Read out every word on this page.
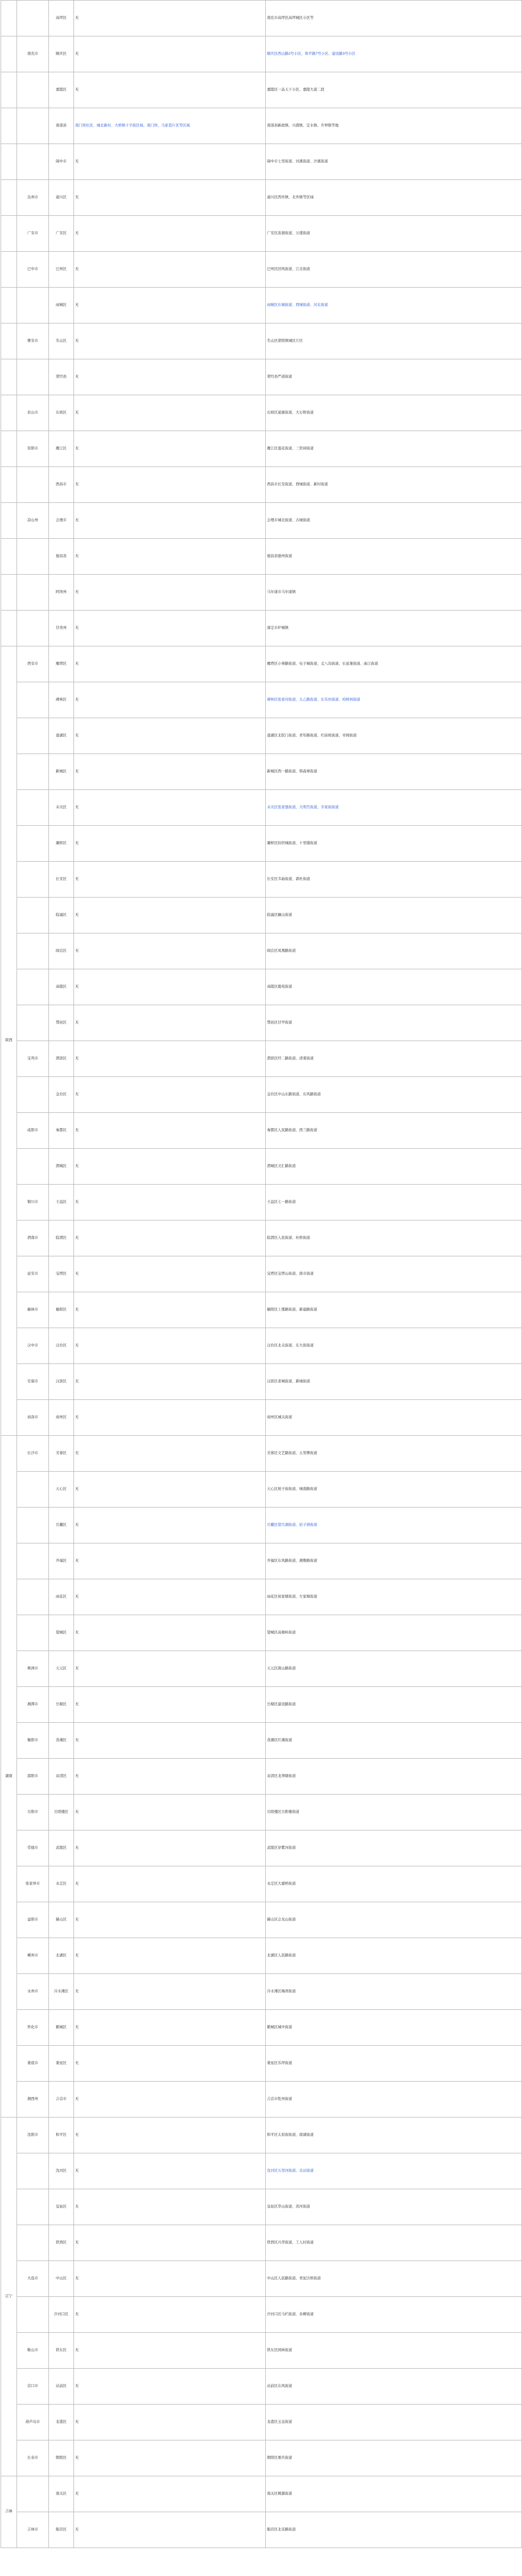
		高坪区	无	南充市高坪区高坪城区小区等
	南充市	顺庆区	无	顺庆区西山路2号小区、和平路7号小区、建设路3号小区
		嘉陵区	无	嘉陵区一品天下小区、嘉陵大道二段
		南部县	南门坝社区、城北新村、大桥镇十字街区域、南门坝、马家巷片区等区域	南部县新政镇、兴盛镇、定水镇、升钟镇等地
		阆中市	无	阆中市七里街道、河溪街道、沙溪街道
	达州市	通川区	无	通川区西外镇、北外镇等区域
	广安市	广安区	无	广安区浓洄街道、万盛街道
	巴中市	巴州区	无	巴州区回风街道、江北街道
		雨城区	无	雨城区东城街道、西城街道、河北街道
	雅安市	名山区	无	名山区蒙阳镇城区片区
		荥经县	无	荥经县严道街道
	眉山市	东坡区	无	东坡区通惠街道、大石桥街道
	资阳市	雁江区	无	雁江区莲花街道、三贤祠街道
		西昌市	无	西昌市长安街道、西城街道、新村街道
	凉山州	会理市	无	会理市城北街道、古城街道
		德昌县	无	德昌县德州街道
		阿坝州	无	马尔康市马尔康镇
		甘孜州	无	康定市炉城镇
陕西	西安市	雁塔区	无	雁塔区小寨路街道、电子城街道、丈八沟街道、长延堡街道、曲江街道
		碑林区	无	碑林区张家村街道、太乙路街道、长乐坊街道、柏树林街道
		莲湖区	无	莲湖区北院门街道、青年路街道、红庙坡街道、枣园街道
		新城区	无	新城区西一路街道、韩森寨街道
		未央区	无	未央区张家堡街道、大明宫街道、辛家庙街道
		灞桥区	无	灞桥区纺织城街道、十里铺街道
		长安区	无	长安区韦曲街道、郭杜街道
		临潼区	无	临潼区骊山街道
		阎良区	无	阎良区凤凰路街道
		高陵区	无	高陵区鹿苑街道
		鄠邑区	无	鄠邑区甘亭街道
	宝鸡市	渭滨区	无	渭滨区经二路街道、清姜街道
		金台区	无	金台区中山东路街道、东风路街道
	咸阳市	秦都区	无	秦都区人民路街道、西兰路街道
		渭城区	无	渭城区文汇路街道
	铜川市	王益区	无	王益区七一路街道
	渭南市	临渭区	无	临渭区人民街道、杜桥街道
	延安市	宝塔区	无	宝塔区宝塔山街道、南市街道
	榆林市	榆阳区	无	榆阳区上郡路街道、新建路街道
	汉中市	汉台区	无	汉台区北关街道、东大街街道
	安康市	汉滨区	无	汉滨区老城街道、新城街道
	商洛市	商州区	无	商州区城关街道
湖南	长沙市	芙蓉区	无	芙蓉区文艺路街道、五里牌街道
		天心区	无	天心区坡子街街道、城南路街道
		岳麓区	无	岳麓区望月湖街道、桔子洲街道
		开福区	无	开福区东风路街道、湘雅路街道
		雨花区	无	雨花区侯家塘街道、左家塘街道
		望城区	无	望城区高塘岭街道
	株洲市	天元区	无	天元区嵩山路街道
	湘潭市	岳塘区	无	岳塘区建设路街道
	衡阳市	蒸湘区	无	蒸湘区红湘街道
	邵阳市	双清区	无	双清区龙须塘街道
	岳阳市	岳阳楼区	无	岳阳楼区岳阳楼街道
	常德市	武陵区	无	武陵区穿紫河街道
	张家界市	永定区	无	永定区大庸桥街道
	益阳市	赫山区	无	赫山区会龙山街道
	郴州市	北湖区	无	北湖区人民路街道
	永州市	冷水滩区	无	冷水滩区梅湾街道
	怀化市	鹤城区	无	鹤城区城中街道
	娄底市	娄星区	无	娄星区乐坪街道
	湘西州	吉首市	无	吉首市乾州街道
辽宁	沈阳市	和平区	无	和平区太原街街道、南湖街道
		沈河区	无	沈河区五里河街道、北站街道
		皇姑区	无	皇姑区华山街道、黄河街道
		铁西区	无	铁西区兴华街道、工人村街道
	大连市	中山区	无	中山区人民路街道、青泥洼桥街道
		沙河口区	无	沙河口区马栏街道、春柳街道
	鞍山市	铁东区	无	铁东区园林街道
	营口市	站前区	无	站前区东风街道
	葫芦岛市	龙港区	无	龙港区玉皇街道
	长春市	朝阳区	无	朝阳区重庆街道
吉林		南关区	无	南关区桃源街道
	吉林市	船营区	无	船营区北京路街道
